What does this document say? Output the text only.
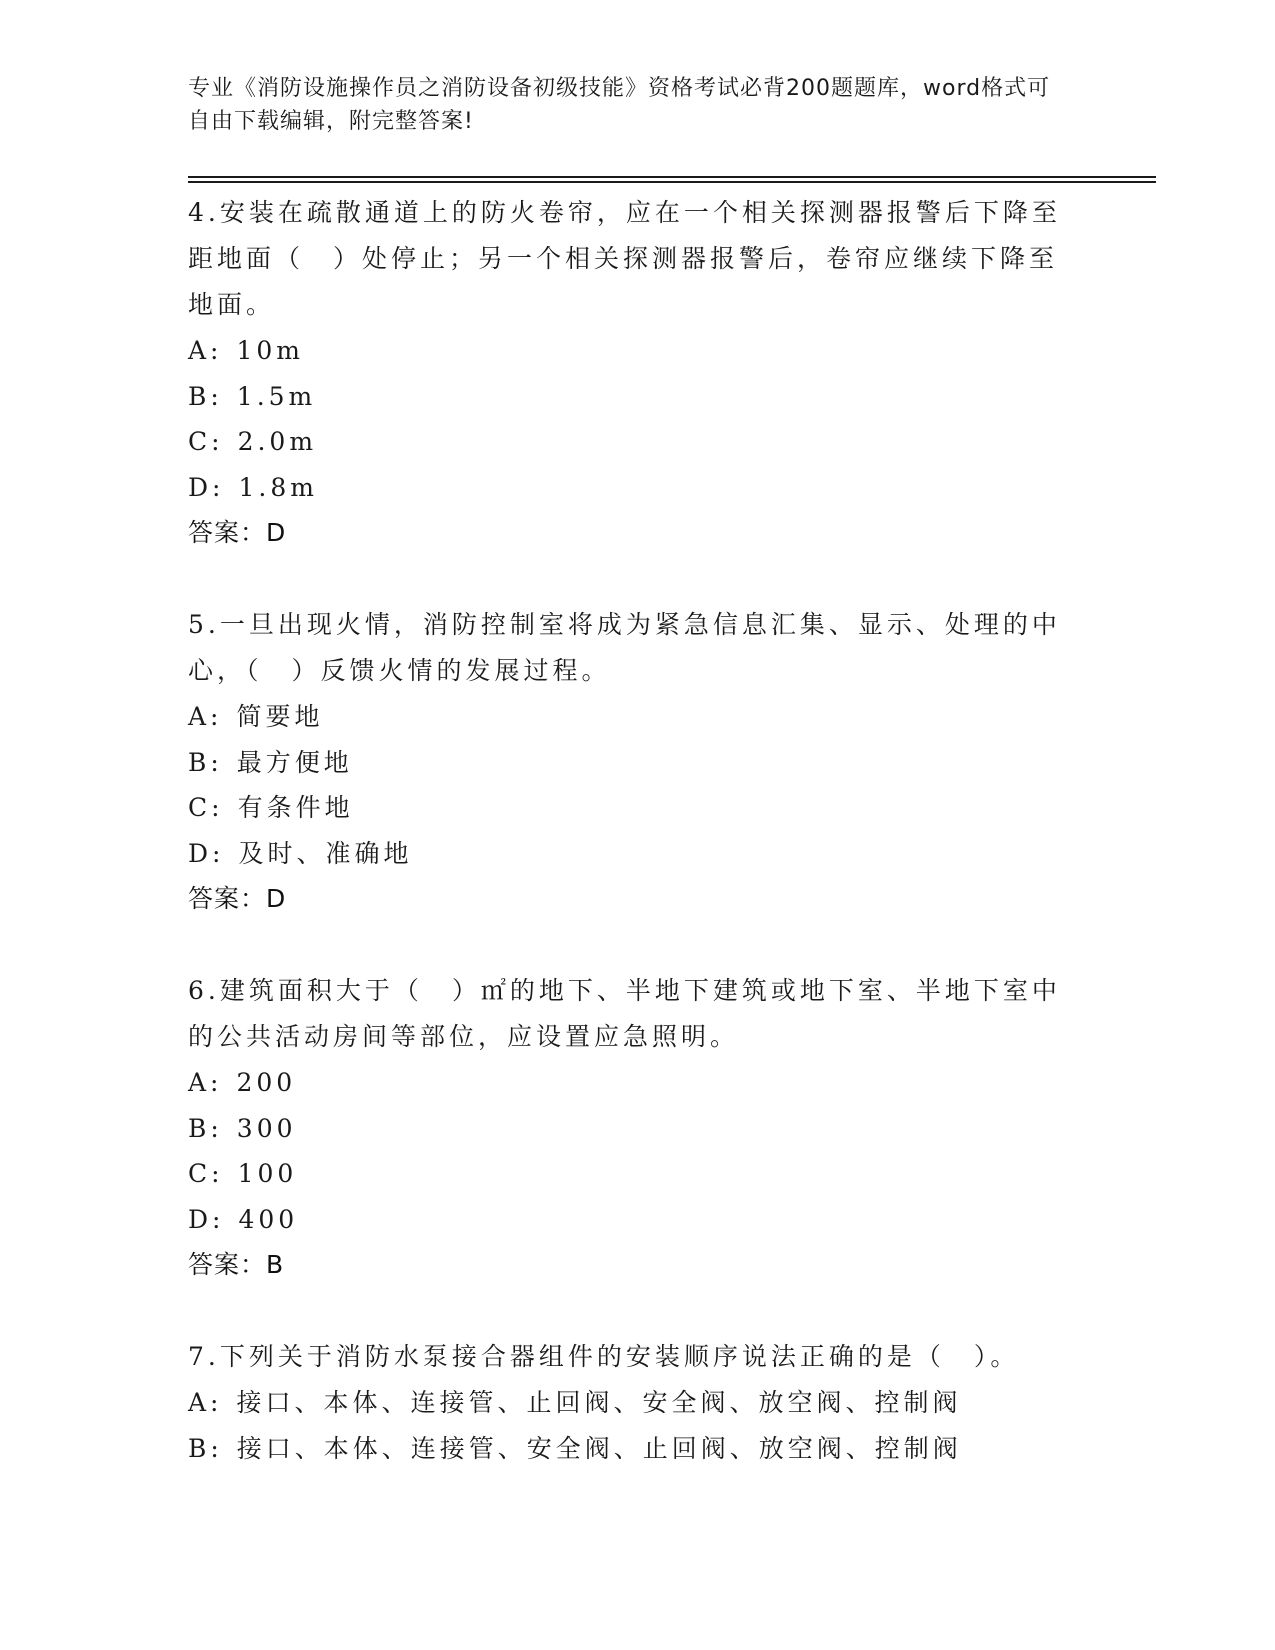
专业《消防设施操作员之消防设备初级技能》资格考试必背200题题库，word格式可自由下载编辑，附完整答案!
4.安装在疏散通道上的防火卷帘，应在一个相关探测器报警后下降至距地面（　）处停止；另一个相关探测器报警后，卷帘应继续下降至地面。
A: 10m
B: 1.5m
C: 2.0m
D: 1.8m
答案：D
5.一旦出现火情，消防控制室将成为紧急信息汇集、显示、处理的中心，（　）反馈火情的发展过程。
A: 简要地
B: 最方便地
C: 有条件地
D: 及时、准确地
答案：D
6.建筑面积大于（　）㎡的地下、半地下建筑或地下室、半地下室中的公共活动房间等部位，应设置应急照明。
A: 200
B: 300
C: 100
D: 400
答案：B
7.下列关于消防水泵接合器组件的安装顺序说法正确的是（　）。
A: 接口、本体、连接管、止回阀、安全阀、放空阀、控制阀
B: 接口、本体、连接管、安全阀、止回阀、放空阀、控制阀
